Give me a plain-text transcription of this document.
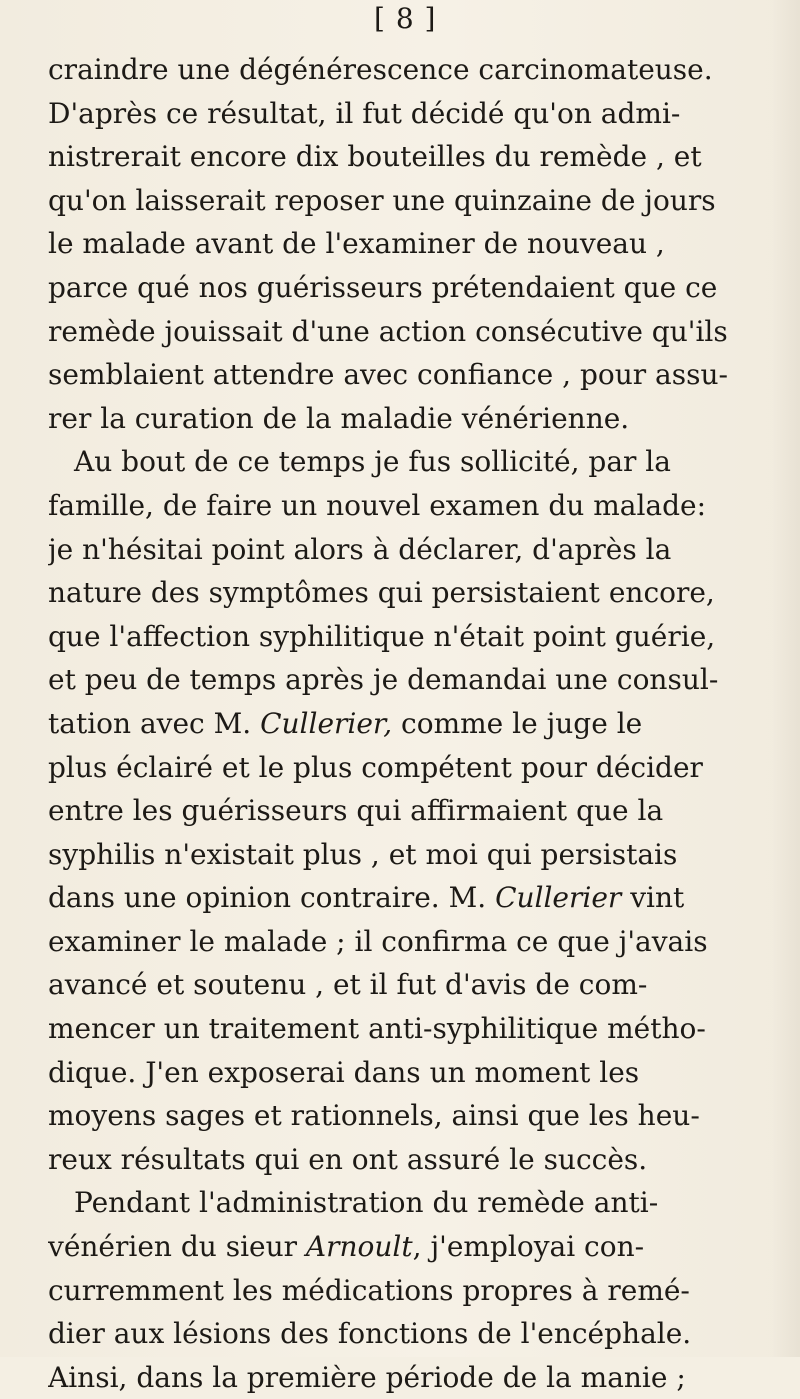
[ 8 ]
craindre une dégénérescence carcinomateuse.
D'après ce résultat, il fut décidé qu'on admi-
nistrerait encore dix bouteilles du remède , et
qu'on laisserait reposer une quinzaine de jours
le malade avant de l'examiner de nouveau ,
parce qué nos guérisseurs prétendaient que ce
remède jouissait d'une action consécutive qu'ils
semblaient attendre avec confiance , pour assu-
rer la curation de la maladie vénérienne.
Au bout de ce temps je fus sollicité, par la
famille, de faire un nouvel examen du malade:
je n'hésitai point alors à déclarer, d'après la
nature des symptômes qui persistaient encore,
que l'affection syphilitique n'était point guérie,
et peu de temps après je demandai une consul-
tation avec M. Cullerier, comme le juge le
plus éclairé et le plus compétent pour décider
entre les guérisseurs qui affirmaient que la
syphilis n'existait plus , et moi qui persistais
dans une opinion contraire. M. Cullerier vint
examiner le malade ; il confirma ce que j'avais
avancé et soutenu , et il fut d'avis de com-
mencer un traitement anti-syphilitique métho-
dique. J'en exposerai dans un moment les
moyens sages et rationnels, ainsi que les heu-
reux résultats qui en ont assuré le succès.
Pendant l'administration du remède anti-
vénérien du sieur Arnoult, j'employai con-
curremment les médications propres à remé-
dier aux lésions des fonctions de l'encéphale.
Ainsi, dans la première période de la manie ;
